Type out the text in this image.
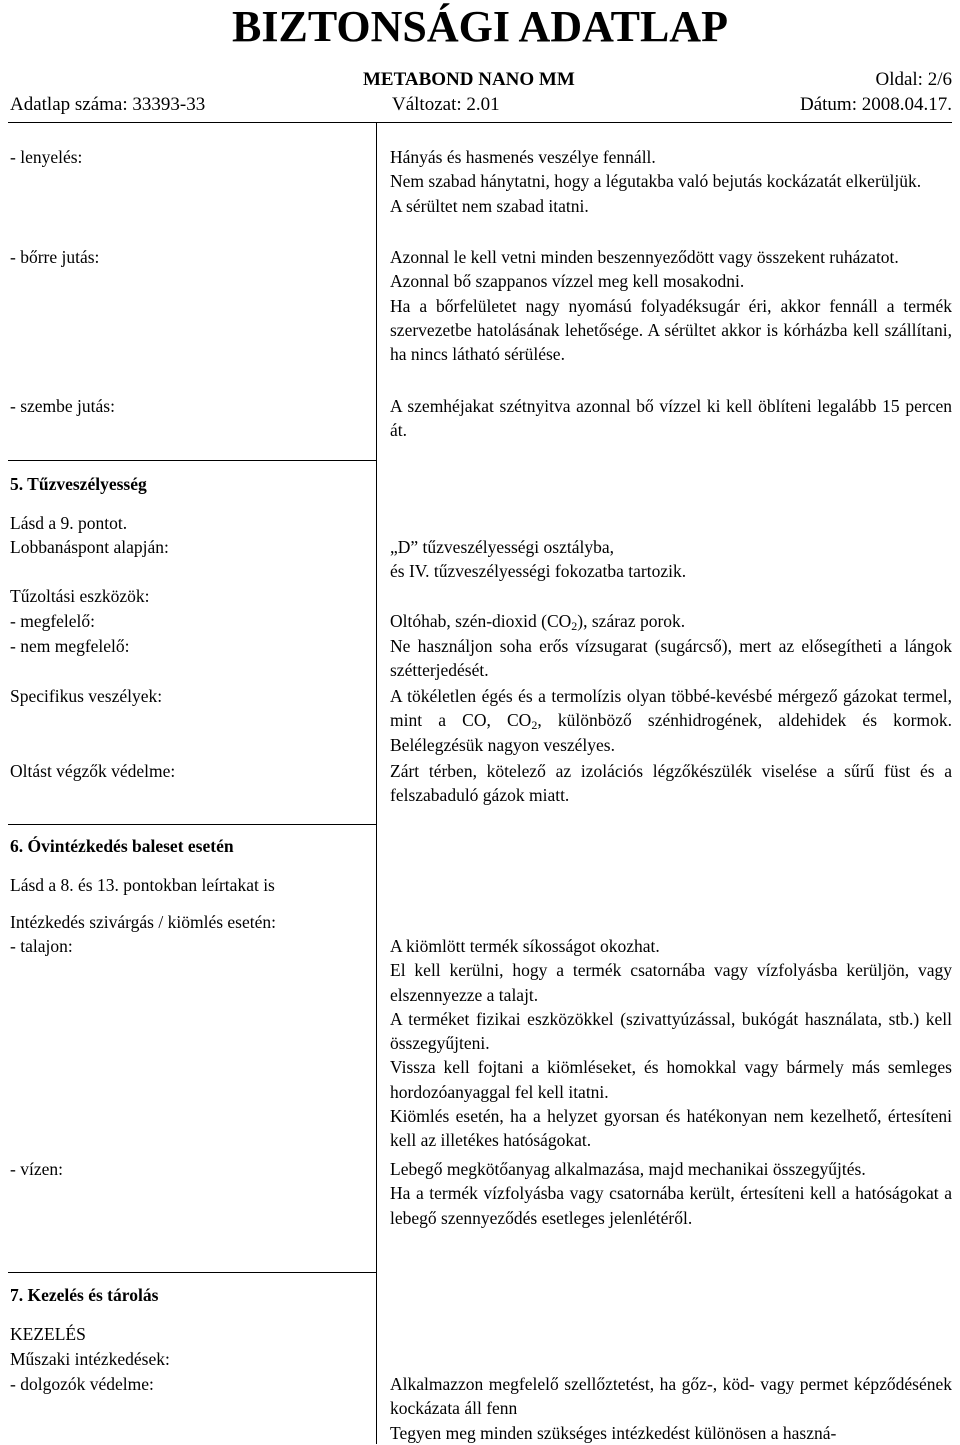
BIZTONSÁGI ADATLAP
METABOND NANO MM	Oldal: 2/6
Adatlap száma: 33393-33	Változat: 2.01	Dátum: 2008.04.17.
- lenyelés:	Hányás és hasmenés veszélye fennáll.

Nem szabad hánytatni, hogy a légutakba való bejutás kockázatát elkerüljük.

A sérültet nem szabad itatni.

- bőrre jutás:	Azonnal le kell vetni minden beszennyeződött vagy összekent ruházatot.

Azonnal bő szappanos vízzel meg kell mosakodni.

Ha a bőrfelületet nagy nyomású folyadéksugár éri, akkor fennáll a termék szervezetbe hatolásának lehetősége. A sérültet akkor is kórházba kell szállítani, ha nincs látható sérülése.

- szembe jutás:	A szemhéjakat szétnyitva azonnal bő vízzel ki kell öblíteni legalább 15 percen át.
5. Tűzveszélyesség
Lásd a 9. pontot.
Lobbanáspont alapján:	„D” tűzveszélyességi osztályba,

és IV. tűzveszélyességi fokozatba tartozik.

Tűzoltási eszközök:
- megfelelő:	Oltóhab, szén-dioxid $(CO_2)$, száraz porok.
- nem megfelelő:	Ne használjon soha erős vízsugarat (sugárcső), mert az elősegítheti a lángok szétterjedését.
Specifikus veszélyek:	A tökéletlen égés és a termolízis olyan többé-kevésbé mérgező gázokat termel, mint a CO, $CO_2$, különböző szénhidrogének, aldehidek és kormok. Belélegzésük nagyon veszélyes.
Oltást végzők védelme:	Zárt térben, kötelező az izolációs légzőkészülék viselése a sűrű füst és a felszabaduló gázok miatt.
6. Óvintézkedés baleset esetén
Lásd a 8. és 13. pontokban leírtakat is
Intézkedés szivárgás / kiömlés esetén:
- talajon:	A kiömlött termék síkosságot okozhat.

El kell kerülni, hogy a termék csatornába vagy vízfolyásba kerüljön, vagy elszennyezze a talajt.

A terméket fizikai eszközökkel (szivattyúzással, bukógát használata, stb.) kell összegyűjteni.

Vissza kell fojtani a kiömléseket, és homokkal vagy bármely más semleges hordozóanyaggal fel kell itatni.

Kiömlés esetén, ha a helyzet gyorsan és hatékonyan nem kezelhető, értesíteni kell az illetékes hatóságokat.

- vízen:	Lebegő megkötőanyag alkalmazása, majd mechanikai összegyűjtés.

Ha a termék vízfolyásba vagy csatornába került, értesíteni kell a hatóságokat a lebegő szennyeződés esetleges jelenlétéről.

7. Kezelés és tárolás
KEZELÉS
Műszaki intézkedések:
- dolgozók védelme:	Alkalmazzon megfelelő szellőztetést, ha gőz-, köd- vagy permet képződésének kockázata áll fenn

Tegyen meg minden szükséges intézkedést különösen a haszná-
